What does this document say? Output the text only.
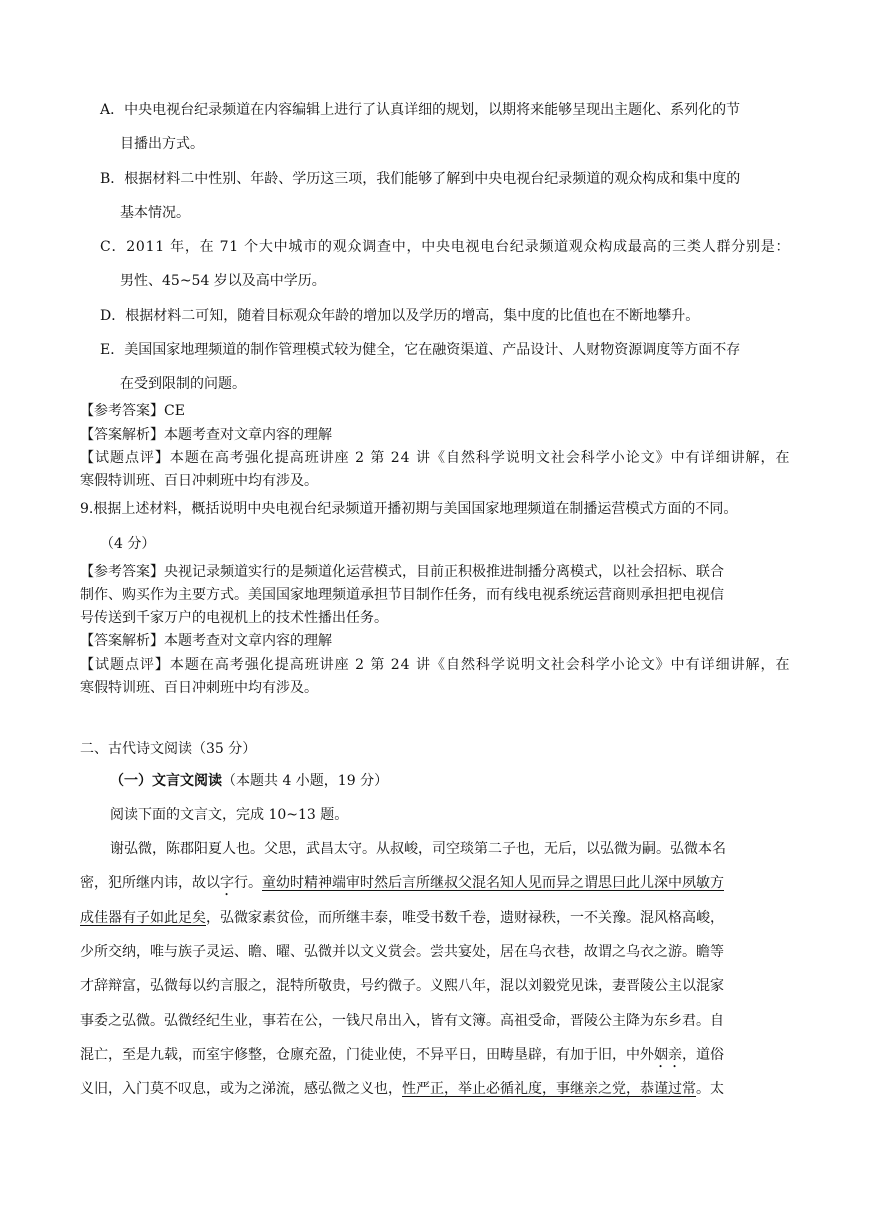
A．中央电视台纪录频道在内容编辑上进行了认真详细的规划，以期将来能够呈现出主题化、系列化的节
目播出方式。
B．根据材料二中性别、年龄、学历这三项，我们能够了解到中央电视台纪录频道的观众构成和集中度的
基本情况。
C．2011 年，在 71 个大中城市的观众调查中，中央电视电台纪录频道观众构成最高的三类人群分别是：
男性、45~54 岁以及高中学历。
D．根据材料二可知，随着目标观众年龄的增加以及学历的增高，集中度的比值也在不断地攀升。
E．美国国家地理频道的制作管理模式较为健全，它在融资渠道、产品设计、人财物资源调度等方面不存
在受到限制的问题。
【参考答案】CE
【答案解析】本题考查对文章内容的理解
【试题点评】本题在高考强化提高班讲座 2 第 24 讲《自然科学说明文社会科学小论文》中有详细讲解，在
寒假特训班、百日冲刺班中均有涉及。
9.根据上述材料，概括说明中央电视台纪录频道开播初期与美国国家地理频道在制播运营模式方面的不同。
（4 分）
【参考答案】央视记录频道实行的是频道化运营模式，目前正积极推进制播分离模式，以社会招标、联合
制作、购买作为主要方式。美国国家地理频道承担节目制作任务，而有线电视系统运营商则承担把电视信
号传送到千家万户的电视机上的技术性播出任务。
【答案解析】本题考查对文章内容的理解
【试题点评】本题在高考强化提高班讲座 2 第 24 讲《自然科学说明文社会科学小论文》中有详细讲解，在
寒假特训班、百日冲刺班中均有涉及。
二、古代诗文阅读（35 分）
（一）文言文阅读（本题共 4 小题，19 分）
阅读下面的文言文，完成 10~13 题。
谢弘微，陈郡阳夏人也。父思，武昌太守。从叔峻，司空琰第二子也，无后，以弘微为嗣。弘微本名
密，犯所继内讳，故以字行。童幼时精神端审时然后言所继叔父混名知人见而异之谓思曰此儿深中夙敏方
成佳器有子如此足矣，弘微家素贫俭，而所继丰泰，唯受书数千卷，遗财禄秩，一不关豫。混风格高峻，
少所交纳，唯与族子灵运、瞻、曜、弘微并以文义赏会。尝共宴处，居在乌衣巷，故谓之乌衣之游。瞻等
才辞辩富，弘微每以约言服之，混特所敬贵，号约微子。义熙八年，混以刘毅党见诛，妻晋陵公主以混家
事委之弘微。弘微经纪生业，事若在公，一钱尺帛出入，皆有文簿。高祖受命，晋陵公主降为东乡君。自
混亡，至是九载，而室宇修整，仓廪充盈，门徒业使，不异平日，田畴垦辟，有加于旧，中外姻亲，道俗
义旧，入门莫不叹息，或为之涕流，感弘微之义也，性严正，举止必循礼度，事继亲之党，恭谨过常。太
